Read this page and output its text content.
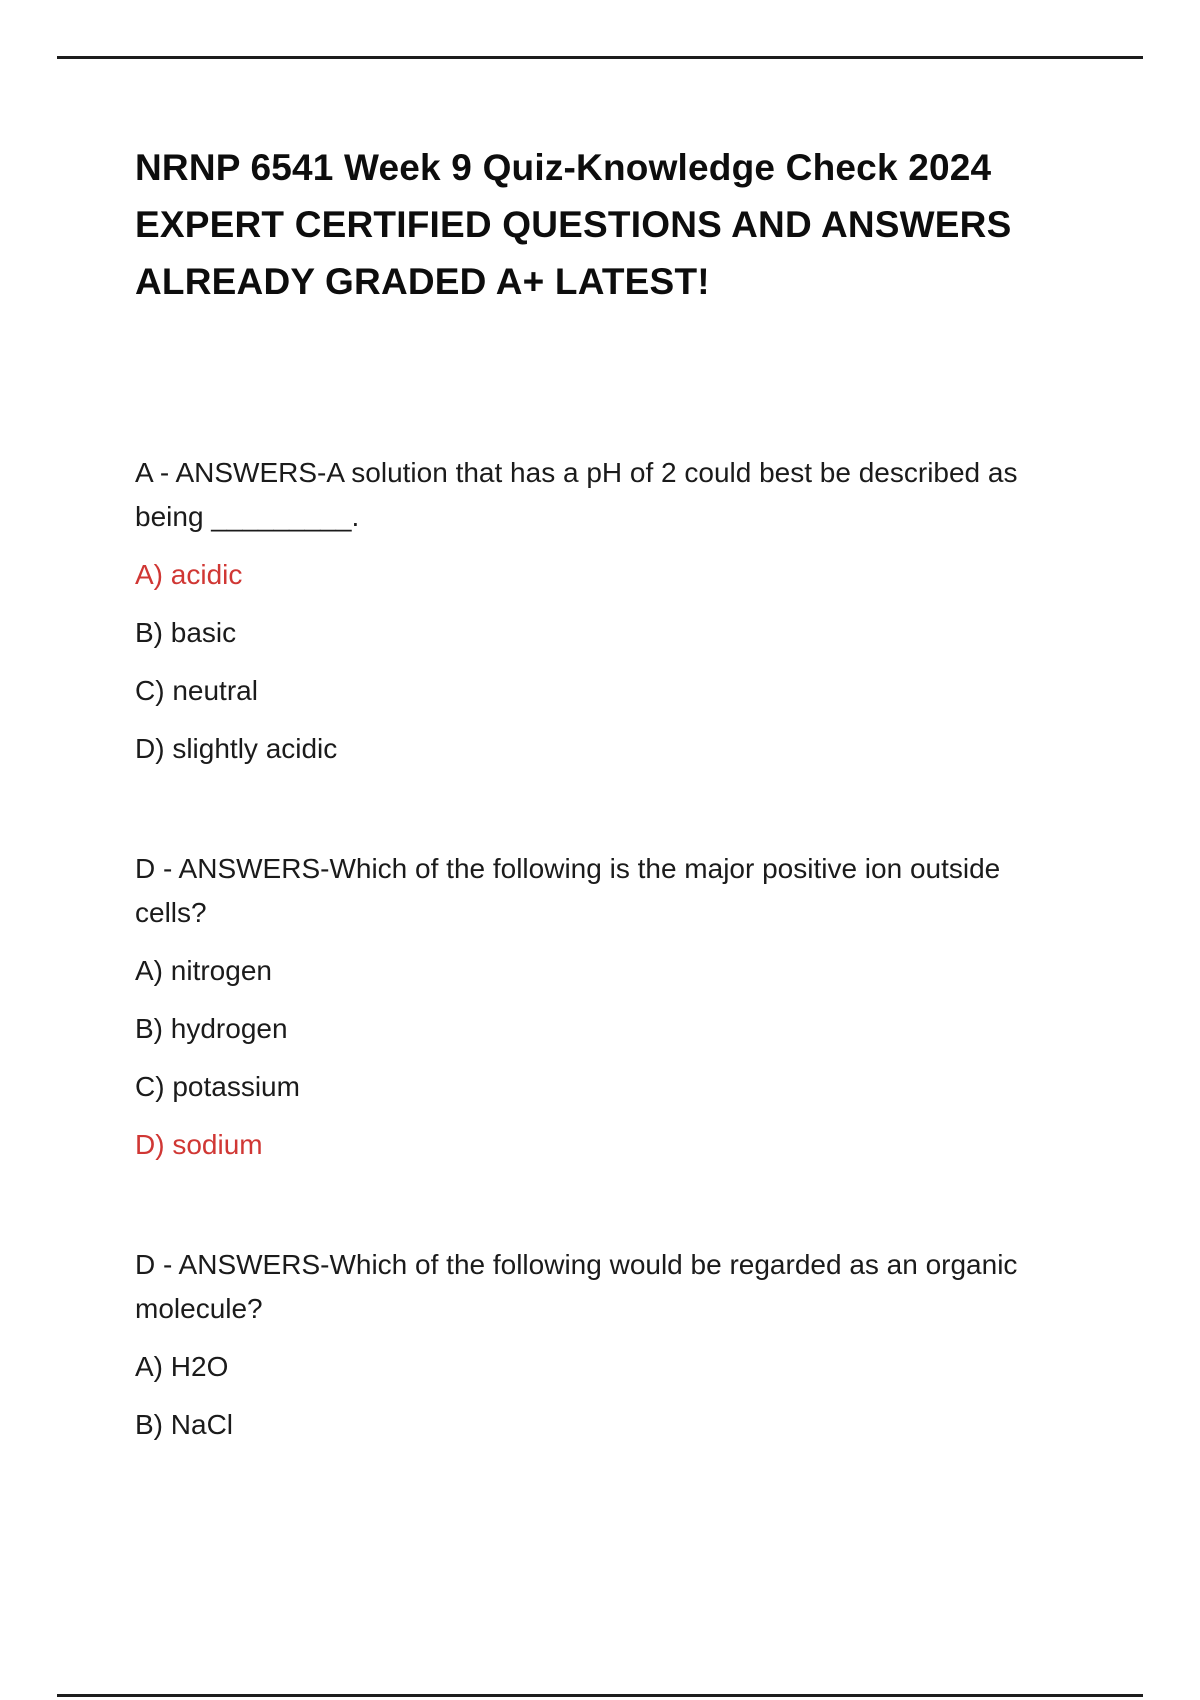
NRNP 6541 Week 9 Quiz-Knowledge Check 2024
EXPERT CERTIFIED QUESTIONS AND ANSWERS
ALREADY GRADED A+ LATEST!

A - ANSWERS-A solution that has a pH of 2 could best be described as being _________.

A) acidic

B) basic

C) neutral

D) slightly acidic

D - ANSWERS-Which of the following is the major positive ion outside cells?

A) nitrogen

B) hydrogen

C) potassium

D) sodium

D - ANSWERS-Which of the following would be regarded as an organic molecule?

A) H2O

B) NaCl
